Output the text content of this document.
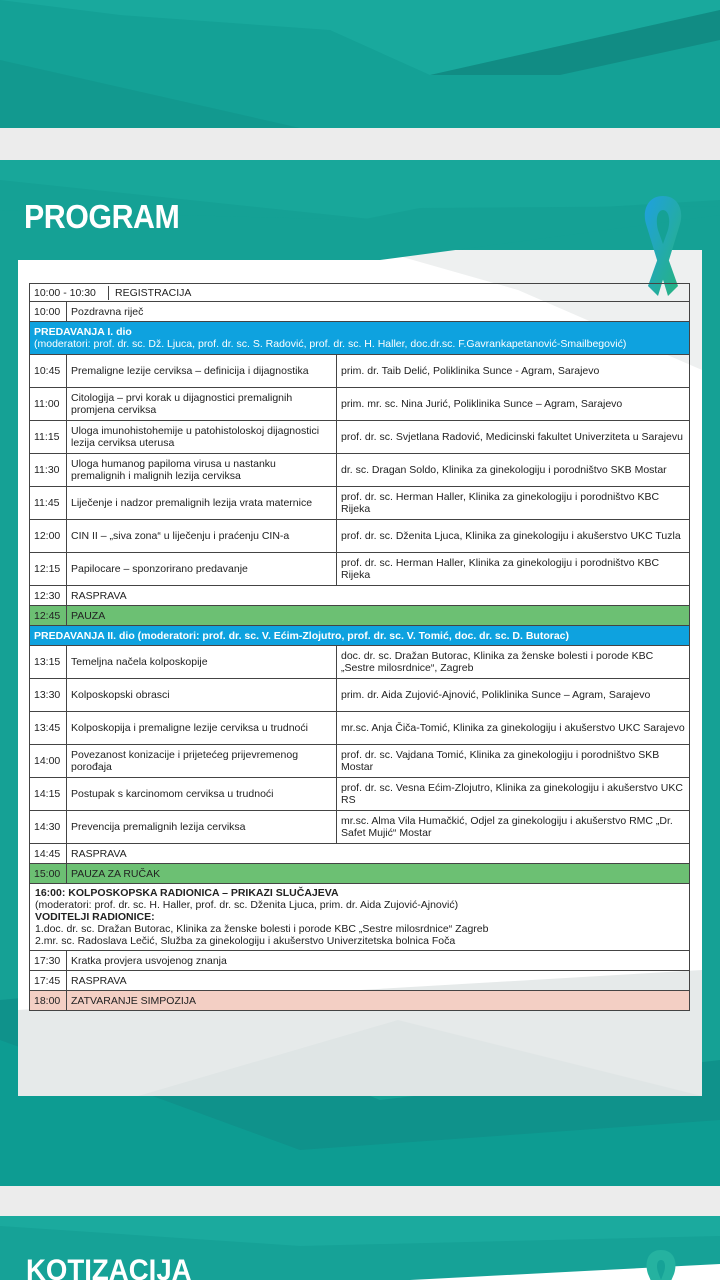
PROGRAM
10:00 - 10:30 REGISTRACIJA		

10:00	Pozdravna riječ	
PREDAVANJA I. dio
(moderatori: prof. dr. sc. Dž. Ljuca, prof. dr. sc. S. Radović, prof. dr. sc. H. Haller, doc.dr.sc. F.Gavrankapetanović-Smailbegović)		

10:45	Premaligne lezije cerviksa – definicija i dijagnostika	prim. dr. Taib Delić, Poliklinika Sunce - Agram, Sarajevo
11:00	Citologija – prvi korak u dijagnostici premalignih promjena cerviksa	prim. mr. sc. Nina Jurić, Poliklinika Sunce – Agram, Sarajevo
11:15	Uloga imunohistohemije u patohistoloskoj dijagnostici lezija cerviksa uterusa	prof. dr. sc. Svjetlana Radović, Medicinski fakultet Univerziteta u Sarajevu
11:30	Uloga humanog papiloma virusa u nastanku premalignih i malignih lezija cerviksa	dr. sc. Dragan Soldo, Klinika za ginekologiju i porodništvo SKB Mostar
11:45	Liječenje i nadzor premalignih lezija vrata maternice	prof. dr. sc. Herman Haller, Klinika za ginekologiju i porodništvo KBC Rijeka
12:00	CIN II – „siva zona“ u liječenju i praćenju CIN-a	prof. dr. sc. Dženita Ljuca, Klinika za ginekologiju i akušerstvo UKC Tuzla
12:15	Papilocare – sponzorirano predavanje	prof. dr. sc. Herman Haller, Klinika za ginekologiju i porodništvo KBC Rijeka
12:30	RASPRAVA	
12:45	PAUZA	
PREDAVANJA II. dio (moderatori: prof. dr. sc. V. Ećim-Zlojutro, prof. dr. sc. V. Tomić, doc. dr. sc. D. Butorac)		
13:15	Temeljna načela kolposkopije	doc. dr. sc. Dražan Butorac, Klinika za ženske bolesti i porode KBC „Sestre milosrdnice“, Zagreb
13:30	Kolposkopski obrasci	prim. dr. Aida Zujović-Ajnović, Poliklinika Sunce – Agram, Sarajevo
13:45	Kolposkopija i premaligne lezije cerviksa u trudnoći	mr.sc. Anja Čiča-Tomić, Klinika za ginekologiju i akušerstvo UKC Sarajevo
14:00	Povezanost konizacije i prijetećeg prijevremenog porođaja	prof. dr. sc. Vajdana Tomić, Klinika za ginekologiju i porodništvo SKB Mostar
14:15	Postupak s karcinomom cerviksa u trudnoći	prof. dr. sc. Vesna Ećim-Zlojutro, Klinika za ginekologiju i akušerstvo UKC RS
14:30	Prevencija premalignih lezija cerviksa	mr.sc. Alma Vila Humačkić, Odjel za ginekologiju i akušerstvo RMC „Dr. Safet Mujić“ Mostar
14:45	RASPRAVA	
15:00	PAUZA ZA RUČAK	

16:00: KOLPOSKOPSKA RADIONICA – PRIKAZI SLUČAJEVA
(moderatori: prof. dr. sc. H. Haller, prof. dr. sc. Dženita Ljuca, prim. dr. Aida Zujović-Ajnović)
VODITELJI RADIONICE:
1.doc. dr. sc. Dražan Butorac, Klinika za ženske bolesti i porode KBC „Sestre milosrdnice“ Zagreb
2.mr. sc. Radoslava Lečić, Služba za ginekologiju i akušerstvo Univerzitetska bolnica Foča		

17:30	Kratka provjera usvojenog znanja	
17:45	RASPRAVA	
18:00	ZATVARANJE SIMPOZIJA	
KOTIZACIJA
